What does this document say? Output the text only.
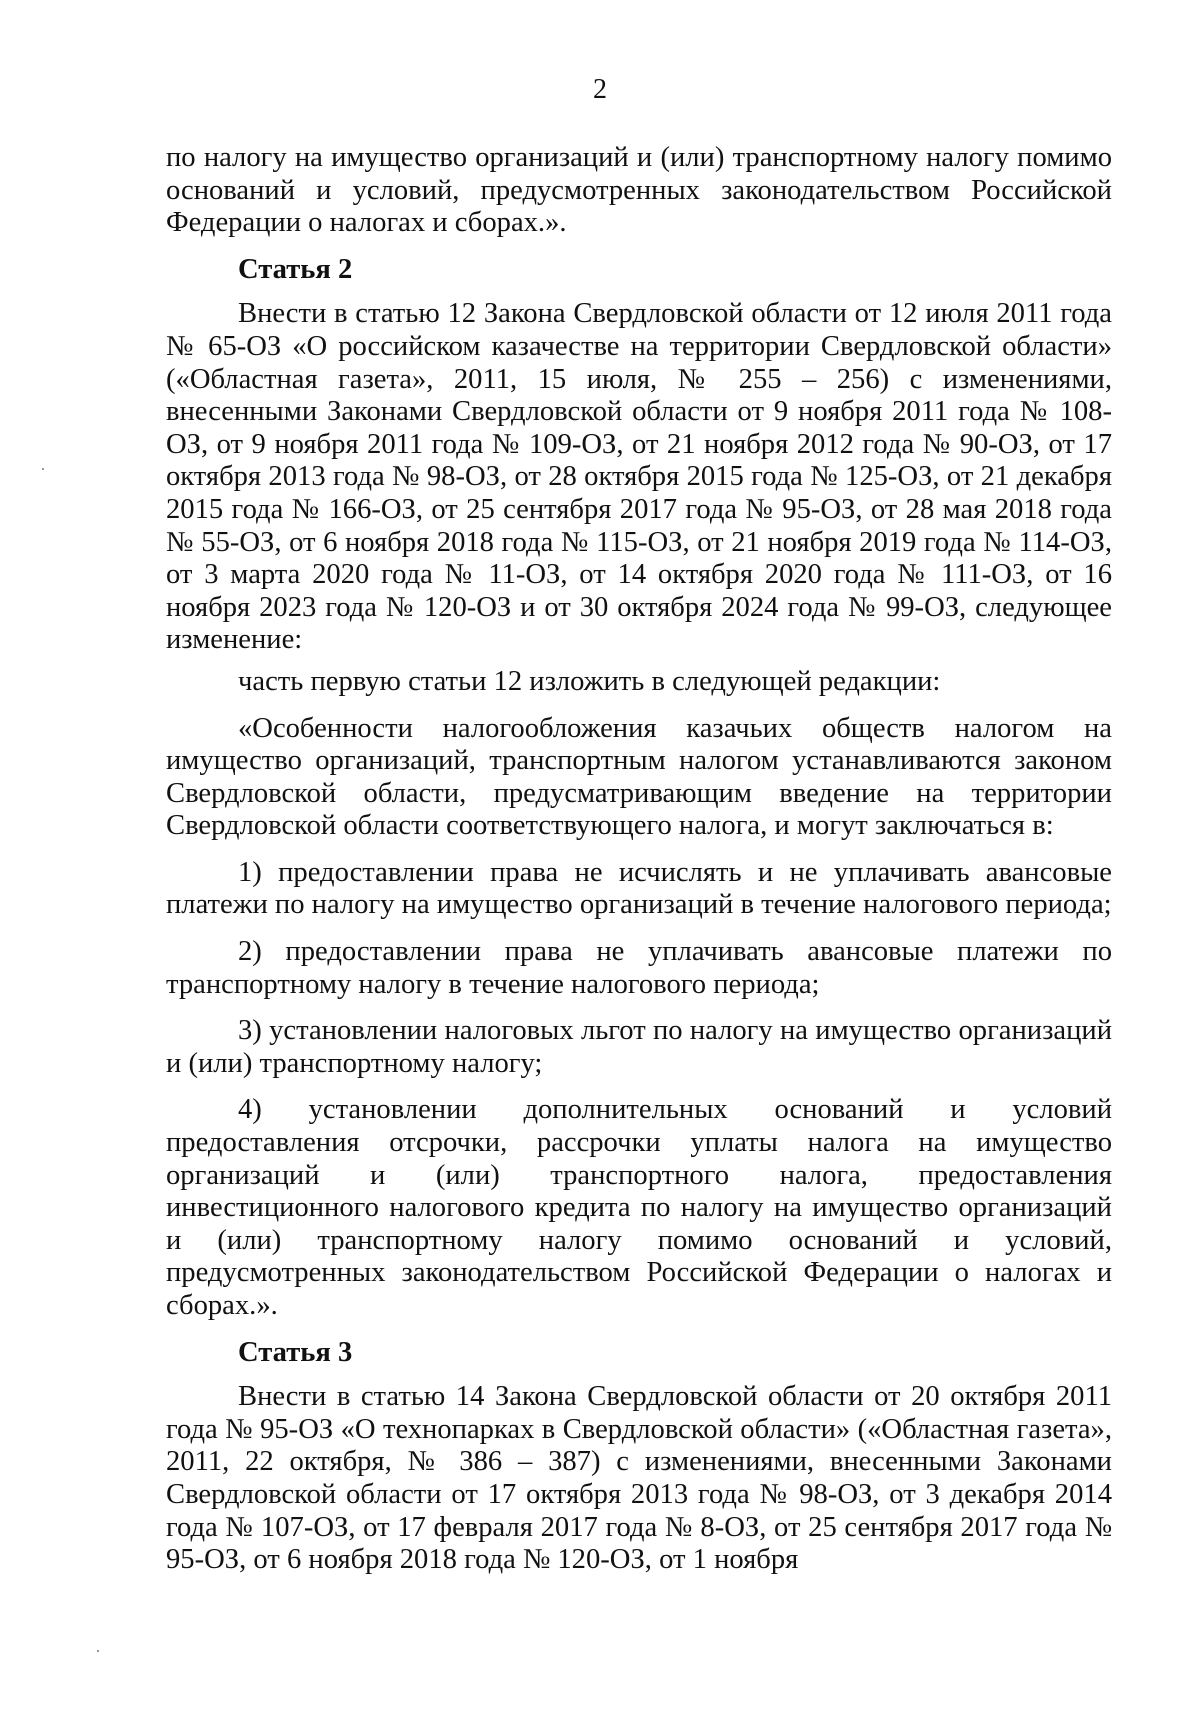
2

по налогу на имущество организаций и (или) транспортному налогу помимо оснований и условий, предусмотренных законодательством Российской Федерации о налогах и сборах.».

Статья 2

Внести в статью 12 Закона Свердловской области от 12 июля 2011 года № 65-ОЗ «О российском казачестве на территории Свердловской области» («Областная газета», 2011, 15 июля, № 255 – 256) с изменениями, внесенными Законами Свердловской области от 9 ноября 2011 года № 108-ОЗ, от 9 ноября 2011 года № 109-ОЗ, от 21 ноября 2012 года № 90-ОЗ, от 17 октября 2013 года № 98-ОЗ, от 28 октября 2015 года № 125-ОЗ, от 21 декабря 2015 года № 166-ОЗ, от 25 сентября 2017 года № 95-ОЗ, от 28 мая 2018 года № 55-ОЗ, от 6 ноября 2018 года № 115-ОЗ, от 21 ноября 2019 года № 114-ОЗ, от 3 марта 2020 года № 11-ОЗ, от 14 октября 2020 года № 111-ОЗ, от 16 ноября 2023 года № 120-ОЗ и от 30 октября 2024 года № 99-ОЗ, следующее изменение:

часть первую статьи 12 изложить в следующей редакции:

«Особенности налогообложения казачьих обществ налогом на имущество организаций, транспортным налогом устанавливаются законом Свердловской области, предусматривающим введение на территории Свердловской области соответствующего налога, и могут заключаться в:

1) предоставлении права не исчислять и не уплачивать авансовые платежи по налогу на имущество организаций в течение налогового периода;

2) предоставлении права не уплачивать авансовые платежи по транспортному налогу в течение налогового периода;

3) установлении налоговых льгот по налогу на имущество организаций и (или) транспортному налогу;

4) установлении дополнительных оснований и условий предоставления отсрочки, рассрочки уплаты налога на имущество организаций и (или) транспортного налога, предоставления инвестиционного налогового кредита по налогу на имущество организаций и (или) транспортному налогу помимо оснований и условий, предусмотренных законодательством Российской Федерации о налогах и сборах.».

Статья 3

Внести в статью 14 Закона Свердловской области от 20 октября 2011 года № 95-ОЗ «О технопарках в Свердловской области» («Областная газета», 2011, 22 октября, № 386 – 387) с изменениями, внесенными Законами Свердловской области от 17 октября 2013 года № 98-ОЗ, от 3 декабря 2014 года № 107-ОЗ, от 17 февраля 2017 года № 8-ОЗ, от 25 сентября 2017 года № 95-ОЗ, от 6 ноября 2018 года № 120-ОЗ, от 1 ноября
